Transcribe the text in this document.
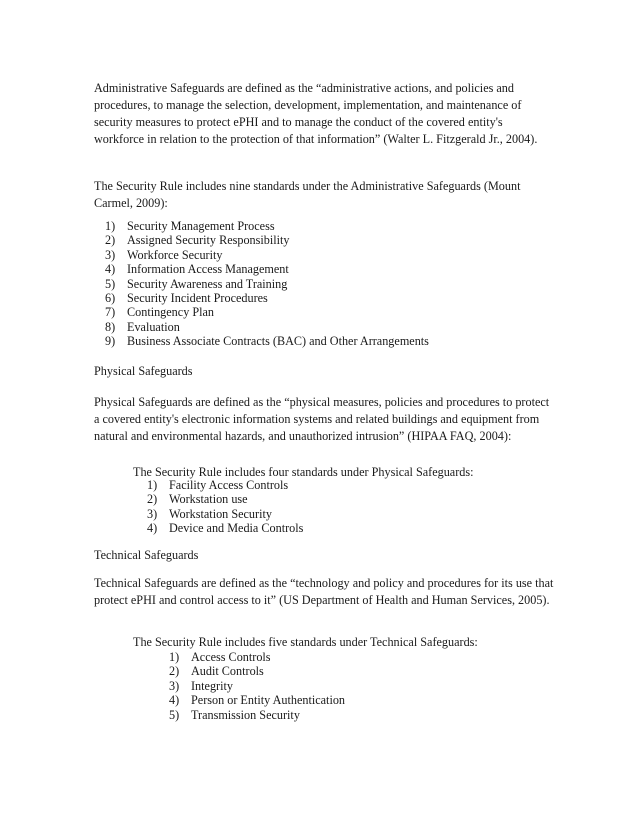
Administrative Safeguards are defined as the “administrative actions, and policies and procedures, to manage the selection, development, implementation, and maintenance of security measures to protect ePHI and to manage the conduct of the covered entity's workforce in relation to the protection of that information” (Walter L. Fitzgerald Jr., 2004).

The Security Rule includes nine standards under the Administrative Safeguards (Mount Carmel, 2009):

1) Security Management Process
2) Assigned Security Responsibility
3) Workforce Security
4) Information Access Management
5) Security Awareness and Training
6) Security Incident Procedures
7) Contingency Plan
8) Evaluation
9) Business Associate Contracts (BAC) and Other Arrangements

Physical Safeguards

Physical Safeguards are defined as the “physical measures, policies and procedures to protect a covered entity's electronic information systems and related buildings and equipment from natural and environmental hazards, and unauthorized intrusion” (HIPAA FAQ, 2004):

The Security Rule includes four standards under Physical Safeguards:

1) Facility Access Controls
2) Workstation use
3) Workstation Security
4) Device and Media Controls

Technical Safeguards

Technical Safeguards are defined as the “technology and policy and procedures for its use that protect ePHI and control access to it” (US Department of Health and Human Services, 2005).

The Security Rule includes five standards under Technical Safeguards:

1) Access Controls
2) Audit Controls
3) Integrity
4) Person or Entity Authentication
5) Transmission Security
